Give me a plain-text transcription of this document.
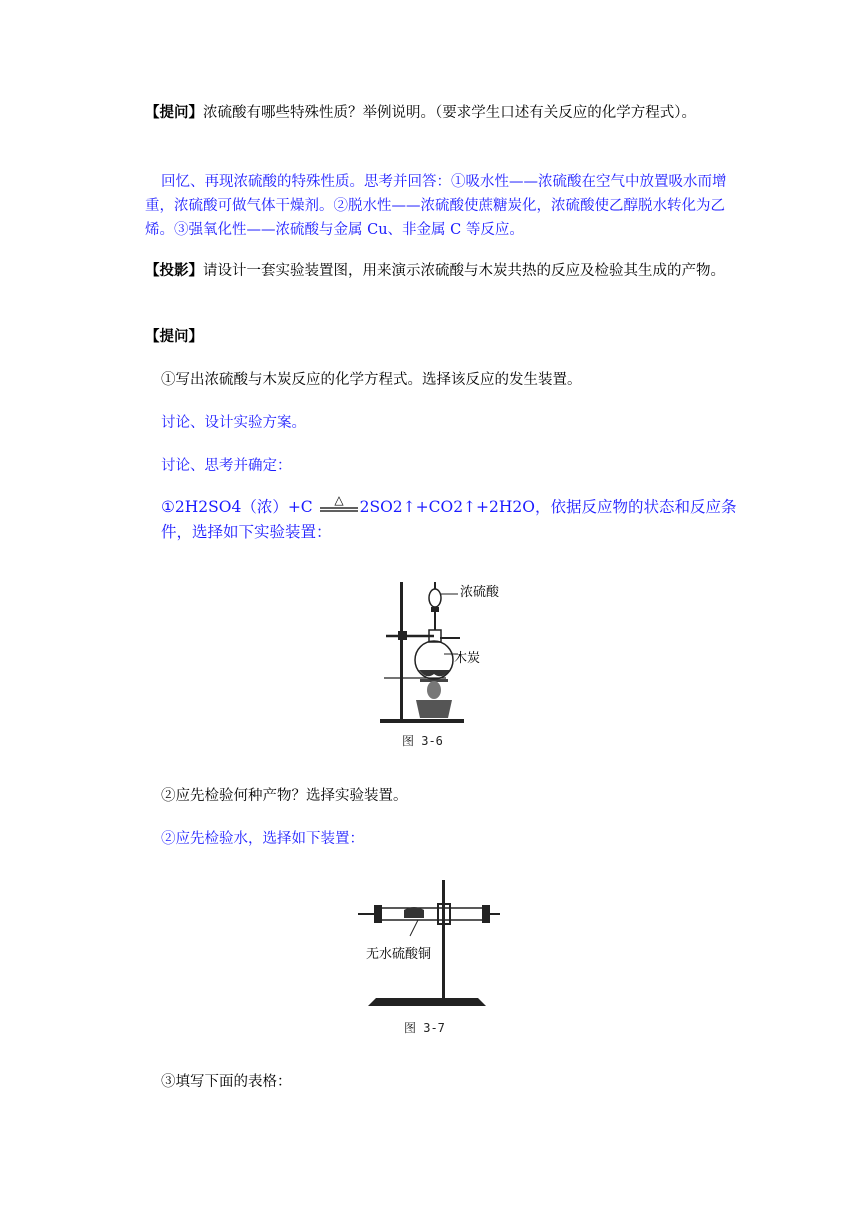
【提问】浓硫酸有哪些特殊性质？举例说明。（要求学生口述有关反应的化学方程式）。

回忆、再现浓硫酸的特殊性质。思考并回答：①吸水性——浓硫酸在空气中放置吸水而增重，浓硫酸可做气体干燥剂。②脱水性——浓硫酸使蔗糖炭化，浓硫酸使乙醇脱水转化为乙烯。③强氧化性——浓硫酸与金属 Cu、非金属 C 等反应。

【投影】请设计一套实验装置图，用来演示浓硫酸与木炭共热的反应及检验其生成的产物。

【提问】

①写出浓硫酸与木炭反应的化学方程式。选择该反应的发生装置。

讨论、设计实验方案。

讨论、思考并确定：

①2H2SO4（浓）+C △ 2SO2↑+CO2↑+2H2O，依据反应物的状态和反应条件，选择如下实验装置：

浓硫酸
木炭
图 3-6

②应先检验何种产物？选择实验装置。

②应先检验水，选择如下装置：

无水硫酸铜
图 3-7

③填写下面的表格：
